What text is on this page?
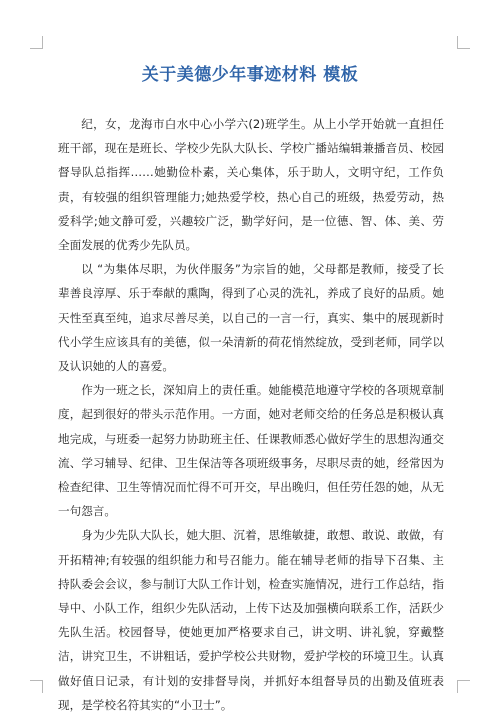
关于美德少年事迹材料 模板

纪，女，龙海市白水中心小学六(2)班学生。从上小学开始就一直担任班干部，现在是班长、学校少先队大队长、学校广播站编辑兼播音员、校园督导队总指挥……她勤俭朴素，关心集体，乐于助人，文明守纪，工作负责，有较强的组织管理能力;她热爱学校，热心自己的班级，热爱劳动，热爱科学;她文静可爱，兴趣较广泛，勤学好问，是一位德、智、体、美、劳全面发展的优秀少先队员。

以 “为集体尽职，为伙伴服务”为宗旨的她，父母都是教师，接受了长辈善良淳厚、乐于奉献的熏陶，得到了心灵的洗礼，养成了良好的品质。她天性至真至纯，追求尽善尽美，以自己的一言一行，真实、集中的展现新时代小学生应该具有的美德，似一朵清新的荷花悄然绽放，受到老师，同学以及认识她的人的喜爱。

作为一班之长，深知肩上的责任重。她能模范地遵守学校的各项规章制度，起到很好的带头示范作用。一方面，她对老师交给的任务总是积极认真地完成，与班委一起努力协助班主任、任课教师悉心做好学生的思想沟通交流、学习辅导、纪律、卫生保洁等各项班级事务，尽职尽责的她，经常因为检查纪律、卫生等情况而忙得不可开交，早出晚归，但任劳任怨的她，从无一句怨言。

身为少先队大队长，她大胆、沉着，思维敏捷，敢想、敢说、敢做，有开拓精神;有较强的组织能力和号召能力。能在辅导老师的指导下召集、主持队委会会议，参与制订大队工作计划，检查实施情况，进行工作总结，指导中、小队工作，组织少先队活动，上传下达及加强横向联系工作，活跃少先队生活。校园督导，使她更加严格要求自己，讲文明、讲礼貌，穿戴整洁，讲究卫生，不讲粗话，爱护学校公共财物，爱护学校的环境卫生。认真做好值日记录，有计划的安排督导岗，并抓好本组督导员的出勤及值班表现，是学校名符其实的“小卫士”。
